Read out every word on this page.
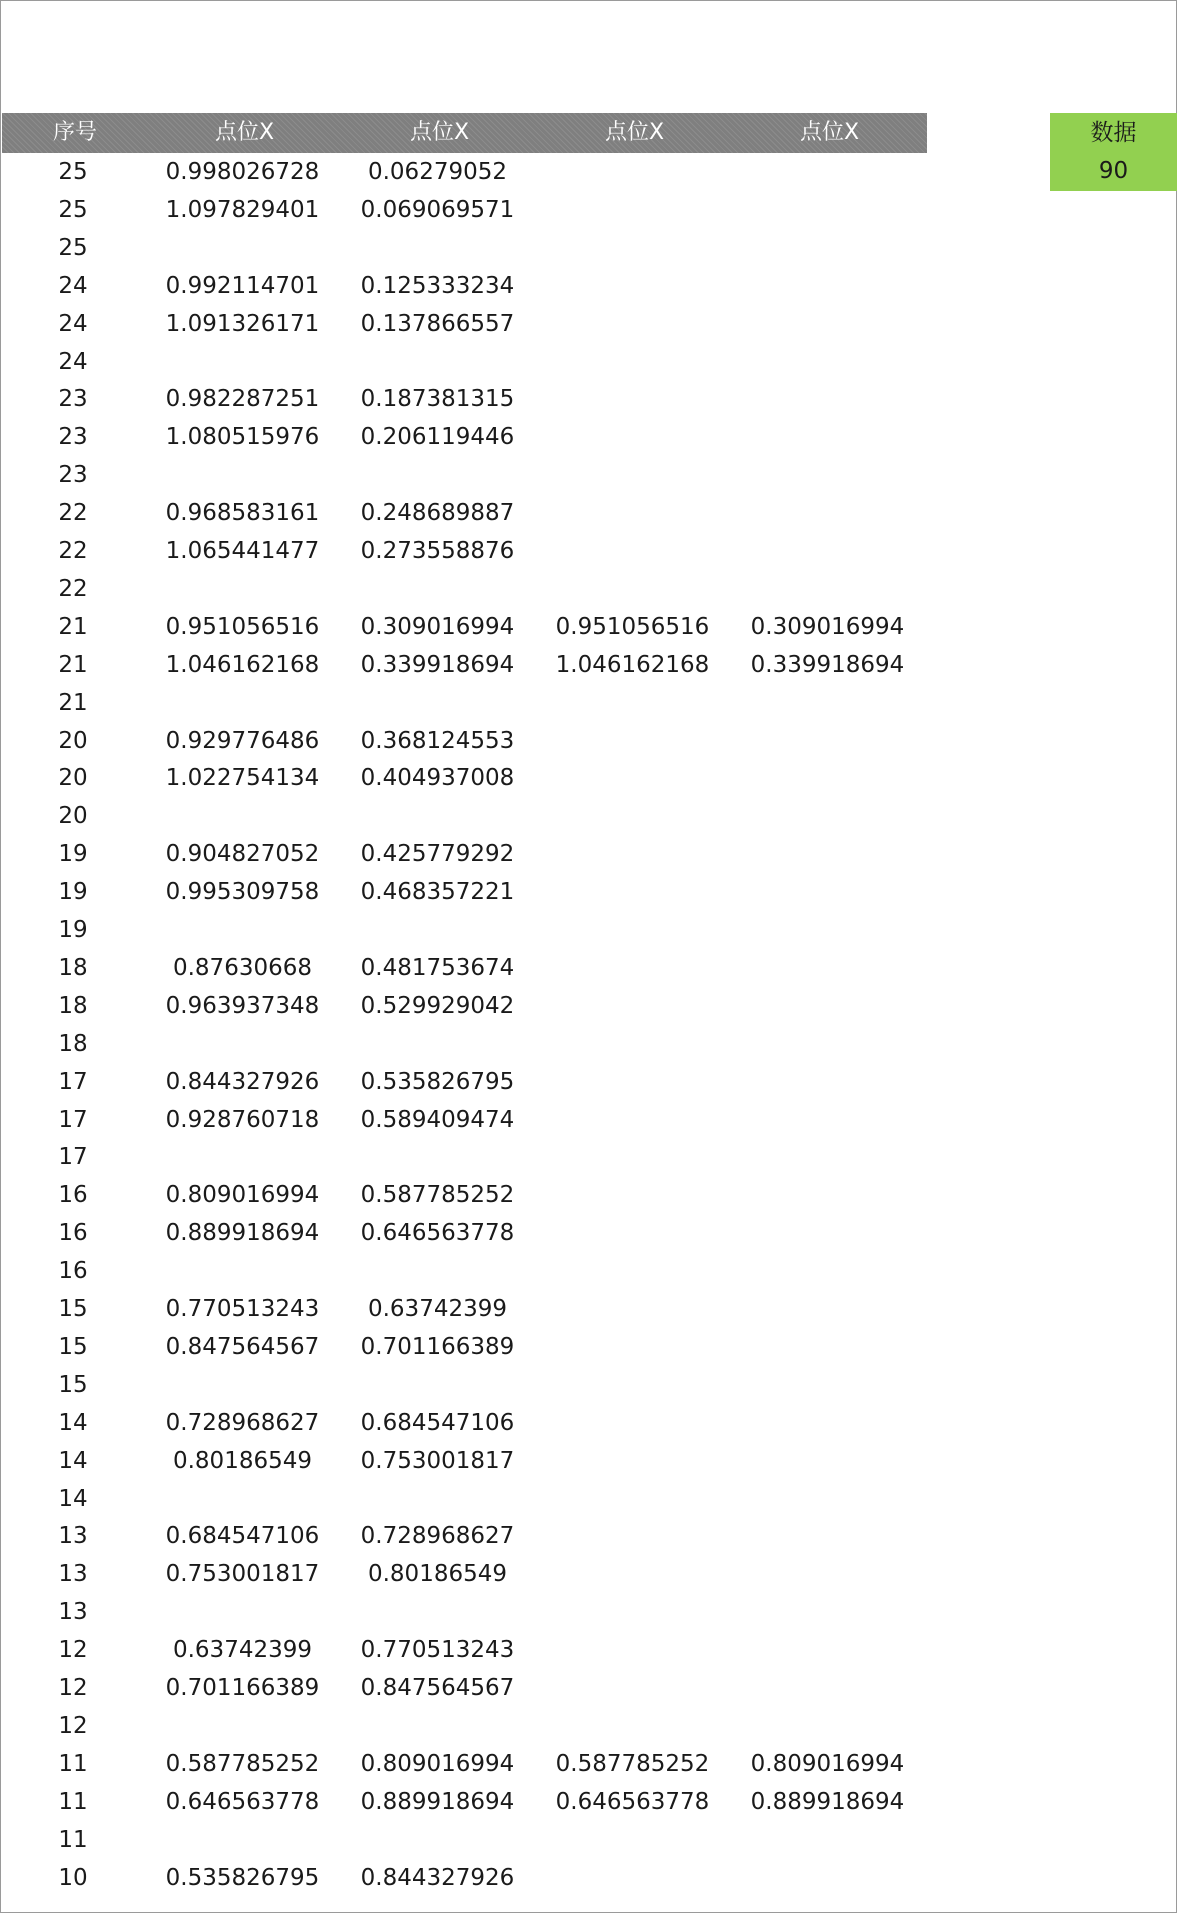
序号	点位X	点位X	点位X	点位X
25	0.998026728	0.06279052
25	1.097829401	0.069069571
25
24	0.992114701	0.125333234
24	1.091326171	0.137866557
24
23	0.982287251	0.187381315
23	1.080515976	0.206119446
23
22	0.968583161	0.248689887
22	1.065441477	0.273558876
22
21	0.951056516	0.309016994	0.951056516	0.309016994
21	1.046162168	0.339918694	1.046162168	0.339918694
21
20	0.929776486	0.368124553
20	1.022754134	0.404937008
20
19	0.904827052	0.425779292
19	0.995309758	0.468357221
19
18	0.87630668	0.481753674
18	0.963937348	0.529929042
18
17	0.844327926	0.535826795
17	0.928760718	0.589409474
17
16	0.809016994	0.587785252
16	0.889918694	0.646563778
16
15	0.770513243	0.63742399
15	0.847564567	0.701166389
15
14	0.728968627	0.684547106
14	0.80186549	0.753001817
14
13	0.684547106	0.728968627
13	0.753001817	0.80186549
13
12	0.63742399	0.770513243
12	0.701166389	0.847564567
12
11	0.587785252	0.809016994	0.587785252	0.809016994
11	0.646563778	0.889918694	0.646563778	0.889918694
11
10	0.535826795	0.844327926
数据
90
